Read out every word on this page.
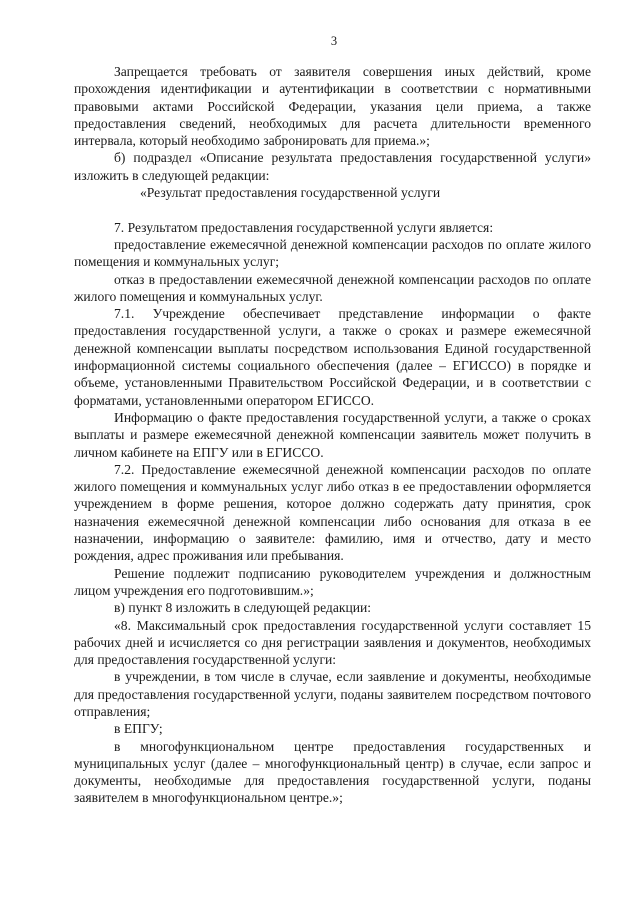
3

Запрещается требовать от заявителя совершения иных действий, кроме прохождения идентификации и аутентификации в соответствии с нормативными правовыми актами Российской Федерации, указания цели приема, а также предоставления сведений, необходимых для расчета длительности временного интервала, который необходимо забронировать для приема.»;

б) подраздел «Описание результата предоставления государственной услуги» изложить в следующей редакции:

«Результат предоставления государственной услуги

7. Результатом предоставления государственной услуги является:

предоставление ежемесячной денежной компенсации расходов по оплате жилого помещения и коммунальных услуг;

отказ в предоставлении ежемесячной денежной компенсации расходов по оплате жилого помещения и коммунальных услуг.

7.1. Учреждение обеспечивает представление информации о факте предоставления государственной услуги, а также о сроках и размере ежемесячной денежной компенсации выплаты посредством использования Единой государственной информационной системы социального обеспечения (далее – ЕГИССО) в порядке и объеме, установленными Правительством Российской Федерации, и в соответствии с форматами, установленными оператором ЕГИССО.

Информацию о факте предоставления государственной услуги, а также о сроках выплаты и размере ежемесячной денежной компенсации заявитель может получить в личном кабинете на ЕПГУ или в ЕГИССО.

7.2. Предоставление ежемесячной денежной компенсации расходов по оплате жилого помещения и коммунальных услуг либо отказ в ее предоставлении оформляется учреждением в форме решения, которое должно содержать дату принятия, срок назначения ежемесячной денежной компенсации либо основания для отказа в ее назначении, информацию о заявителе: фамилию, имя и отчество, дату и место рождения, адрес проживания или пребывания.

Решение подлежит подписанию руководителем учреждения и должностным лицом учреждения его подготовившим.»;

в) пункт 8 изложить в следующей редакции:

«8. Максимальный срок предоставления государственной услуги составляет 15 рабочих дней и исчисляется со дня регистрации заявления и документов, необходимых для предоставления государственной услуги:

в учреждении, в том числе в случае, если заявление и документы, необходимые для предоставления государственной услуги, поданы заявителем посредством почтового отправления;

в ЕПГУ;

в многофункциональном центре предоставления государственных и муниципальных услуг (далее – многофункциональный центр) в случае, если запрос и документы, необходимые для предоставления государственной услуги, поданы заявителем в многофункциональном центре.»;
